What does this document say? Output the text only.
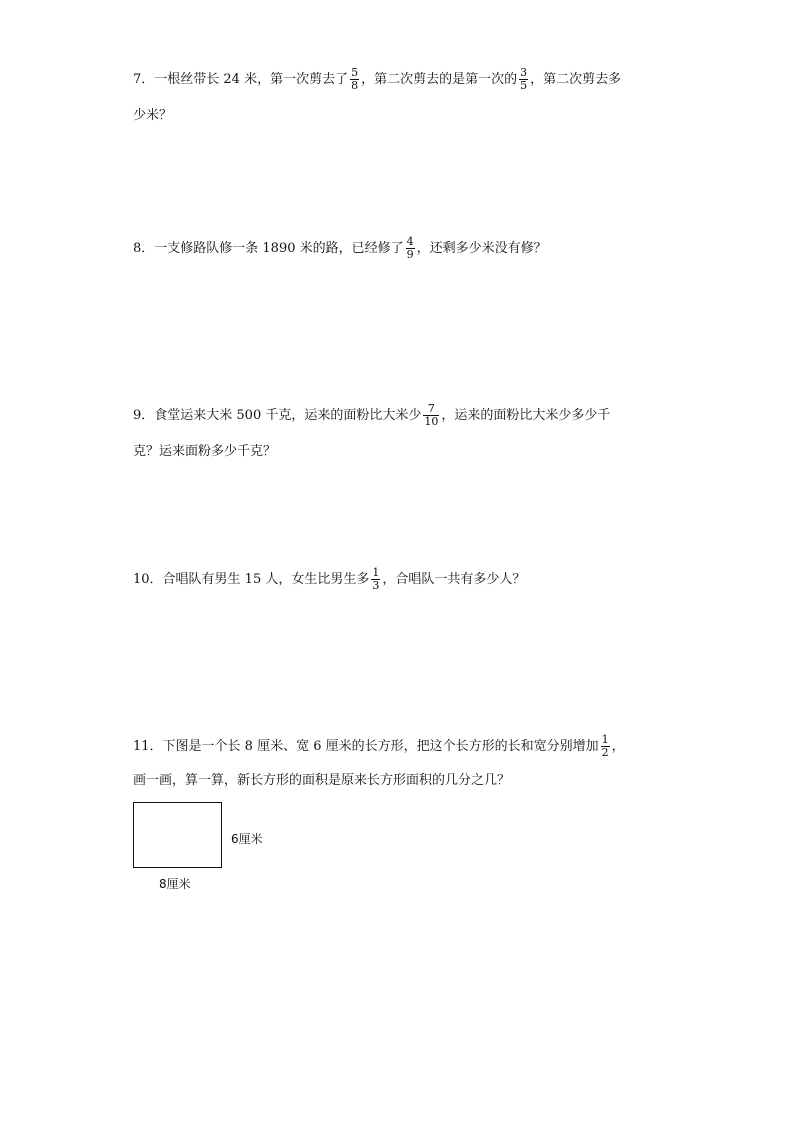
7．一根丝带长 24 米，第一次剪去了 $\frac{5}{8}$ ，第二次剪去的是第一次的 $\frac{3}{5}$ ，第二次剪去多
少米？
8．一支修路队修一条 1890 米的路，已经修了 $\frac{4}{9}$ ，还剩多少米没有修？
9．食堂运来大米 500 千克，运来的面粉比大米少 $\frac{7}{10}$ ，运来的面粉比大米少多少千
克？运来面粉多少千克？
10．合唱队有男生 15 人，女生比男生多 $\frac{1}{3}$ ，合唱队一共有多少人？
11．下图是一个长 8 厘米、宽 6 厘米的长方形，把这个长方形的长和宽分别增加 $\frac{1}{2}$ ，
画一画，算一算，新长方形的面积是原来长方形面积的几分之几？
6厘米
8厘米
